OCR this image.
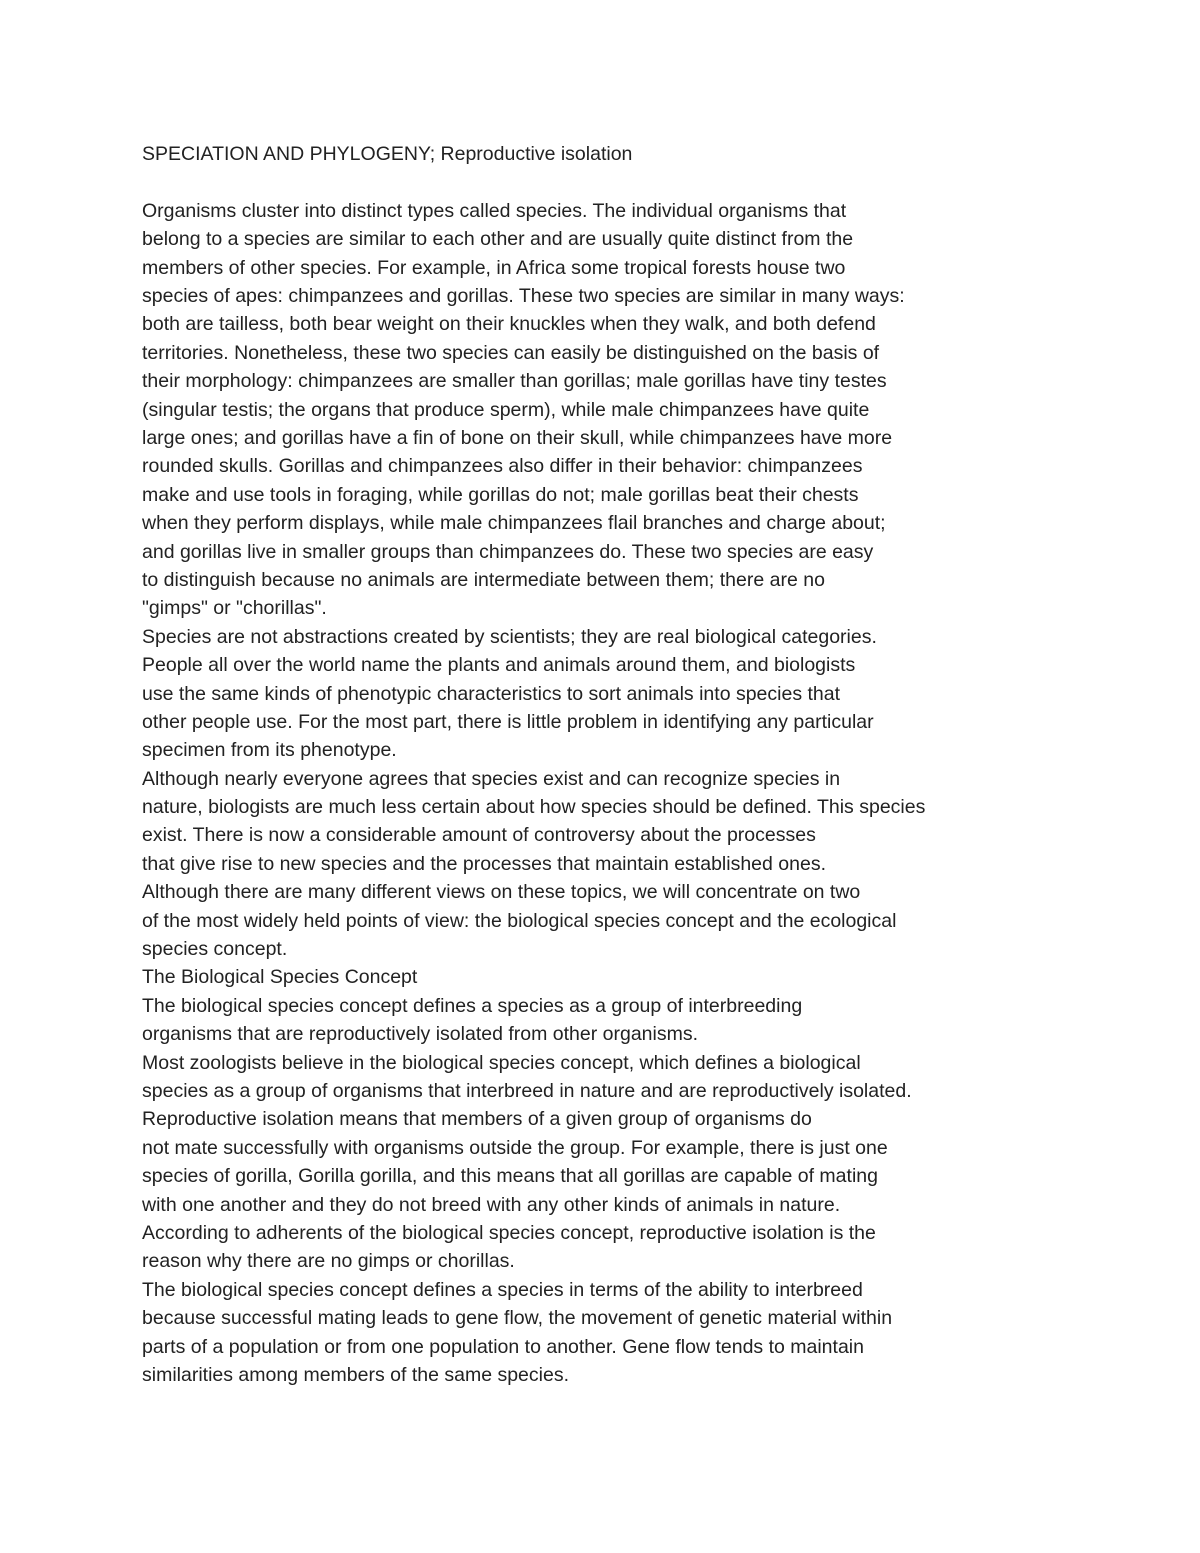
SPECIATION AND PHYLOGENY; Reproductive isolation
Organisms cluster into distinct types called species. The individual organisms that
belong to a species are similar to each other and are usually quite distinct from the
members of other species. For example, in Africa some tropical forests house two
species of apes: chimpanzees and gorillas. These two species are similar in many ways:
both are tailless, both bear weight on their knuckles when they walk, and both defend
territories. Nonetheless, these two species can easily be distinguished on the basis of
their morphology: chimpanzees are smaller than gorillas; male gorillas have tiny testes
(singular testis; the organs that produce sperm), while male chimpanzees have quite
large ones; and gorillas have a fin of bone on their skull, while chimpanzees have more
rounded skulls. Gorillas and chimpanzees also differ in their behavior: chimpanzees
make and use tools in foraging, while gorillas do not; male gorillas beat their chests
when they perform displays, while male chimpanzees flail branches and charge about;
and gorillas live in smaller groups than chimpanzees do. These two species are easy
to distinguish because no animals are intermediate between them; there are no
"gimps" or "chorillas".
Species are not abstractions created by scientists; they are real biological categories.
People all over the world name the plants and animals around them, and biologists
use the same kinds of phenotypic characteristics to sort animals into species that
other people use. For the most part, there is little problem in identifying any particular
specimen from its phenotype.
Although nearly everyone agrees that species exist and can recognize species in
nature, biologists are much less certain about how species should be defined. This species
exist. There is now a considerable amount of controversy about the processes
that give rise to new species and the processes that maintain established ones.
Although there are many different views on these topics, we will concentrate on two
of the most widely held points of view: the biological species concept and the ecological
species concept.
The Biological Species Concept
The biological species concept defines a species as a group of interbreeding
organisms that are reproductively isolated from other organisms.
Most zoologists believe in the biological species concept, which defines a biological
species as a group of organisms that interbreed in nature and are reproductively isolated.
Reproductive isolation means that members of a given group of organisms do
not mate successfully with organisms outside the group. For example, there is just one
species of gorilla, Gorilla gorilla, and this means that all gorillas are capable of mating
with one another and they do not breed with any other kinds of animals in nature.
According to adherents of the biological species concept, reproductive isolation is the
reason why there are no gimps or chorillas.
The biological species concept defines a species in terms of the ability to interbreed
because successful mating leads to gene flow, the movement of genetic material within
parts of a population or from one population to another. Gene flow tends to maintain
similarities among members of the same species.
